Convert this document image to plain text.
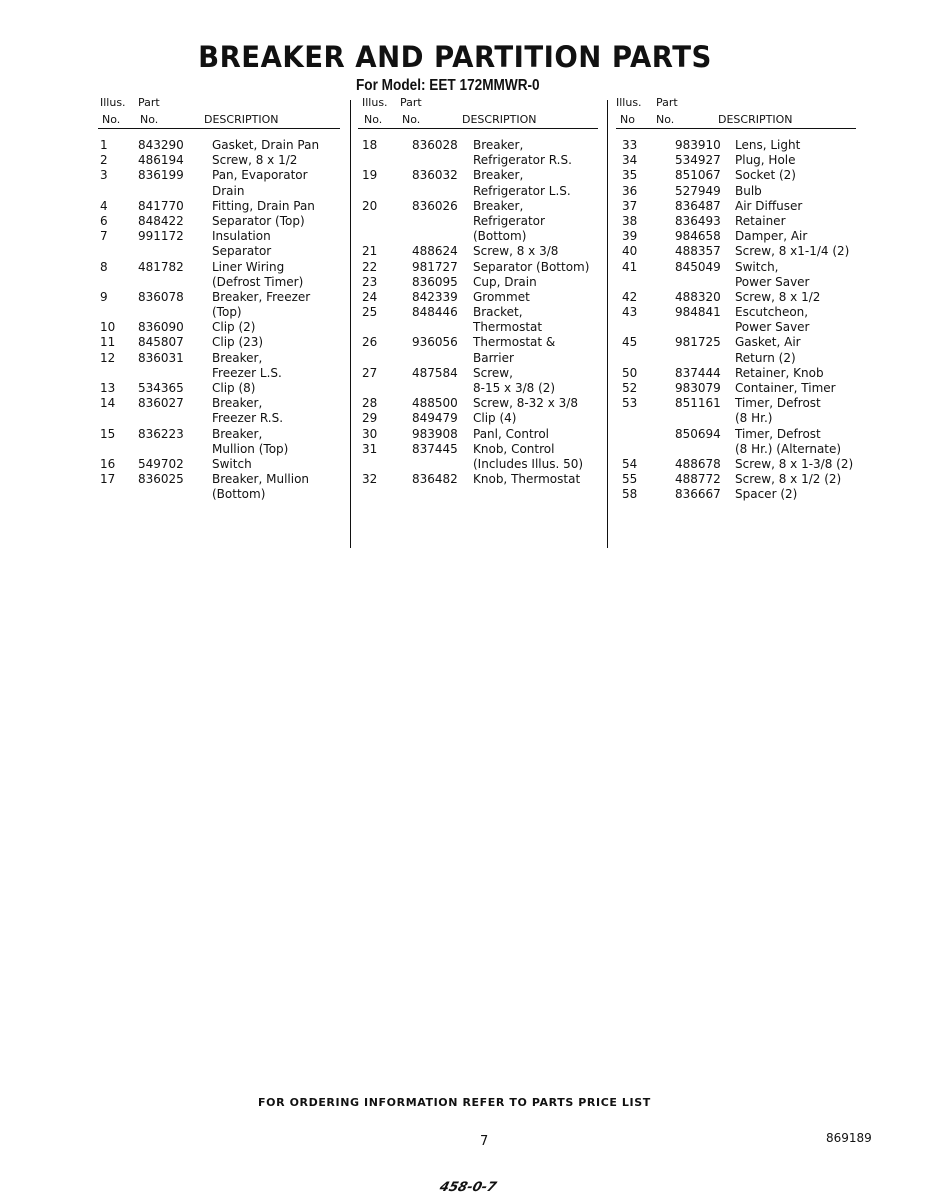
BREAKER AND PARTITION PARTS
For Model: EET 172MMWR-0
Illus. Part
No. No.	DESCRIPTION
1	843290 Gasket, Drain Pan
2	486194 Screw, 8 x 1/2
3	836199 Pan, Evaporator
Drain
4	841770 Fitting, Drain Pan
6	848422 Separator (Top)
7	991172 Insulation
Separator
8	481782 Liner Wiring
(Defrost Timer)
9	836078 Breaker, Freezer
(Top)
10 836090 Clip (2)
11 845807 Clip (23)
12 836031 Breaker,
Freezer L.S.
13 534365 Clip (8)
14 836027 Breaker,
Freezer R.S.
15 836223 Breaker,
Mullion (Top)
16 549702 Switch
17 836025 Breaker, Mullion
(Bottom)
Illus. Part
No. No.	DESCRIPTION
18	836028 Breaker,
Refrigerator R.S.
19	836032 Breaker,
Refrigerator L.S.
20	836026 Breaker,
Refrigerator
(Bottom)
21	488624 Screw, 8 x 3/8
22	981727 Separator (Bottom)
23	836095 Cup, Drain
24	842339 Grommet
25	848446 Bracket,
Thermostat
26	936056 Thermostat &
Barrier
27	487584 Screw,
8-15 x 3/8 (2)
28	488500 Screw, 8-32 x 3/8
29	849479 Clip (4)
30	983908 Panl, Control
31	837445 Knob, Control
(Includes Illus. 50)
32	836482 Knob, Thermostat
Illus. Part
No No.	DESCRIPTION
33	983910 Lens, Light
34	534927 Plug, Hole
35	851067 Socket (2)
36	527949 Bulb
37	836487 Air Diffuser
38	836493 Retainer
39	984658 Damper, Air
40	488357 Screw, 8 x1-1/4 (2)
41	845049 Switch,
Power Saver
42	488320 Screw, 8 x 1/2
43	984841 Escutcheon,
Power Saver
45	981725 Gasket, Air
Return (2)
50	837444 Retainer, Knob
52	983079 Container, Timer
53	851161 Timer, Defrost
(8 Hr.)
850694 Timer, Defrost
(8 Hr.) (Alternate)
54	488678 Screw, 8 x 1-3/8 (2)
55	488772 Screw, 8 x 1/2 (2)
58	836667 Spacer (2)
FOR ORDERING INFORMATION REFER TO PARTS PRICE LIST
7	869189
458-0-7
